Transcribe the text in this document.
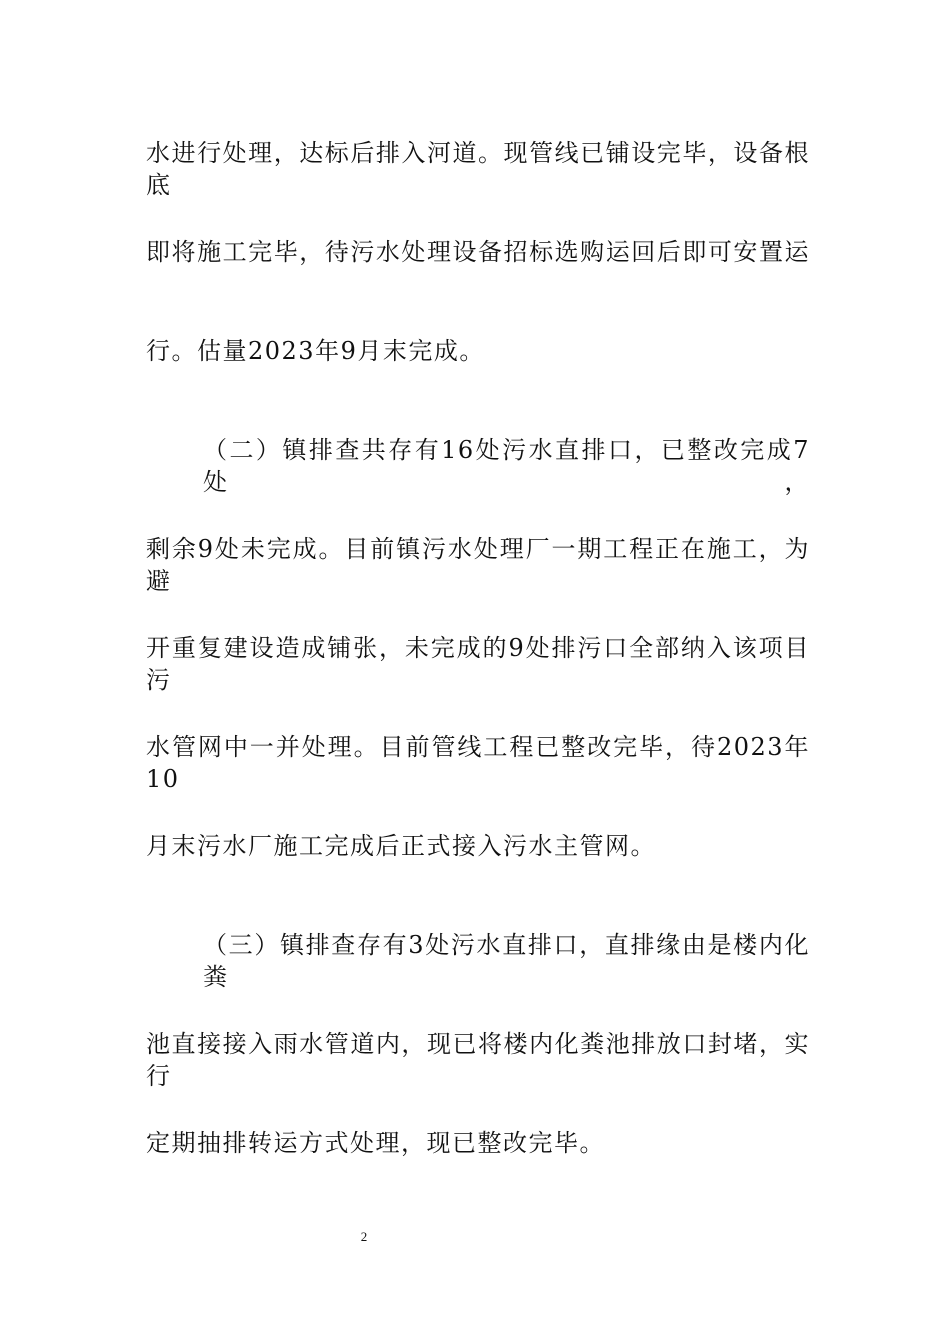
水进行处理，达标后排入河道。现管线已铺设完毕，设备根底
即将施工完毕，待污水处理设备招标选购运回后即可安置运
行。估量2023年9月末完成。
（二）镇排查共存有16处污水直排口，已整改完成7处，
剩余9处未完成。目前镇污水处理厂一期工程正在施工，为避
开重复建设造成铺张，未完成的9处排污口全部纳入该项目污
水管网中一并处理。目前管线工程已整改完毕，待2023年10
月末污水厂施工完成后正式接入污水主管网。
（三）镇排查存有3处污水直排口，直排缘由是楼内化粪
池直接接入雨水管道内，现已将楼内化粪池排放口封堵，实行
定期抽排转运方式处理，现已整改完毕。
2
